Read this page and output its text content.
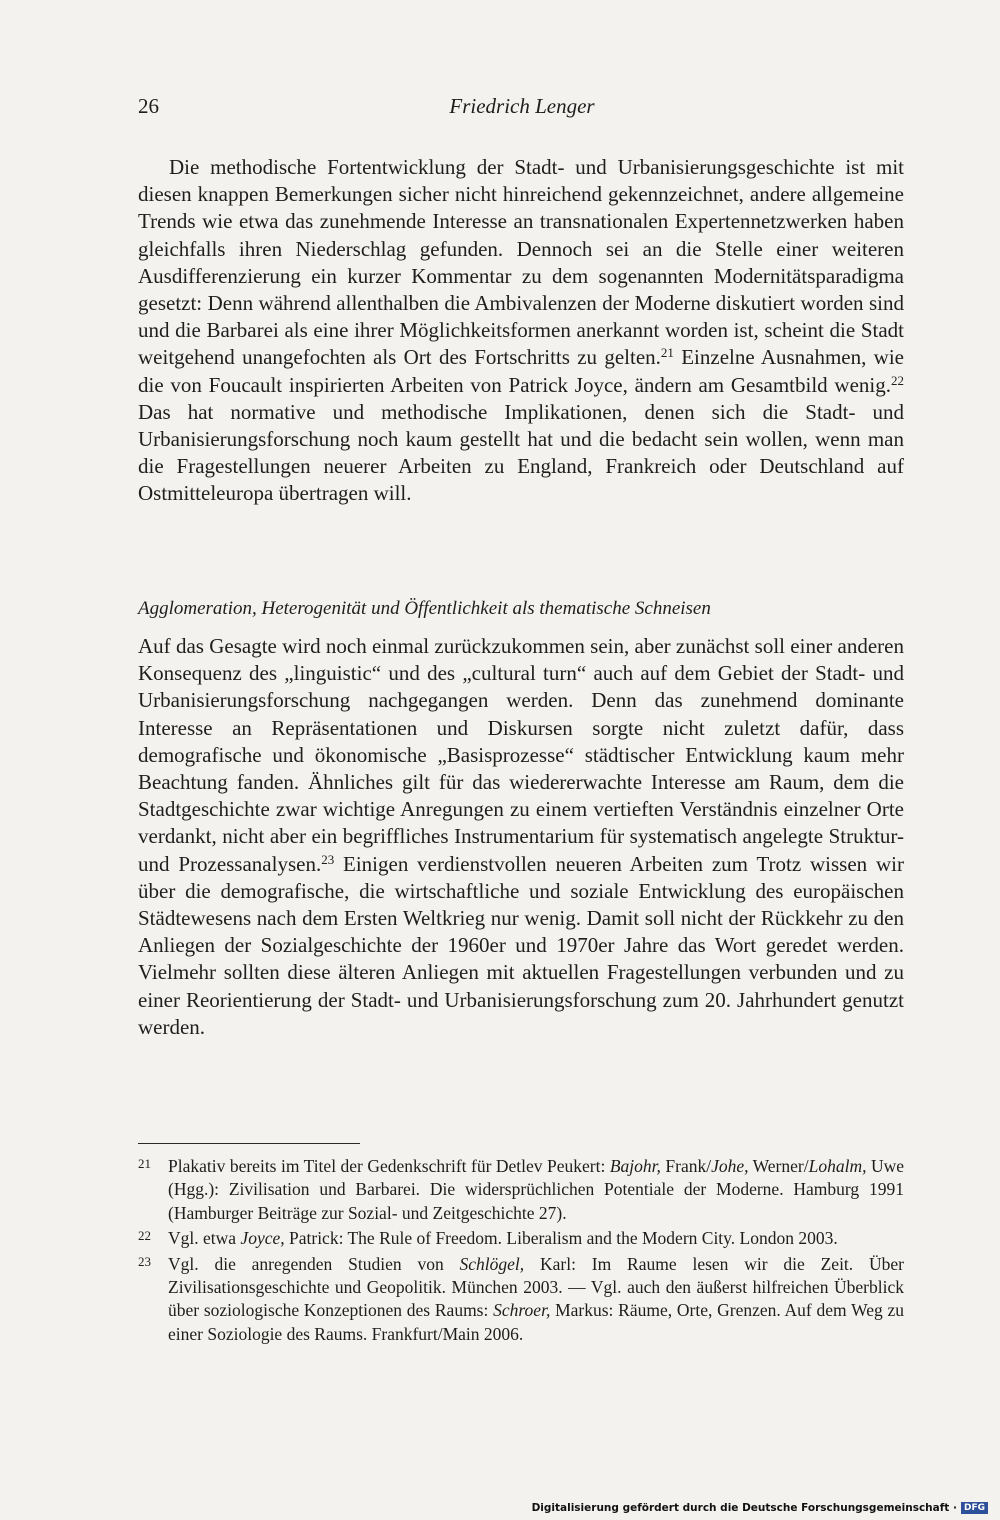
26	Friedrich Lenger

Die methodische Fortentwicklung der Stadt- und Urbanisierungsgeschichte ist mit diesen knappen Bemerkungen sicher nicht hinreichend gekennzeichnet, andere allgemeine Trends wie etwa das zunehmende Interesse an transnationalen Expertennetzwerken haben gleichfalls ihren Niederschlag gefunden. Dennoch sei an die Stelle einer weiteren Ausdifferenzierung ein kurzer Kommentar zu dem sogenannten Modernitätsparadigma gesetzt: Denn während allenthalben die Ambivalenzen der Moderne diskutiert worden sind und die Barbarei als eine ihrer Möglichkeitsformen anerkannt worden ist, scheint die Stadt weitgehend unangefochten als Ort des Fortschritts zu gelten.$^{21}$ Einzelne Ausnahmen, wie die von Foucault inspirierten Arbeiten von Patrick Joyce, ändern am Gesamtbild wenig.$^{22}$ Das hat normative und methodische Implikationen, denen sich die Stadt- und Urbanisierungsforschung noch kaum gestellt hat und die bedacht sein wollen, wenn man die Fragestellungen neuerer Arbeiten zu England, Frankreich oder Deutschland auf Ostmitteleuropa übertragen will.

Agglomeration, Heterogenität und Öffentlichkeit als thematische Schneisen

Auf das Gesagte wird noch einmal zurückzukommen sein, aber zunächst soll einer anderen Konsequenz des „linguistic“ und des „cultural turn“ auch auf dem Gebiet der Stadt- und Urbanisierungsforschung nachgegangen werden. Denn das zunehmend dominante Interesse an Repräsentationen und Diskursen sorgte nicht zuletzt dafür, dass demografische und ökonomische „Basisprozesse“ städtischer Entwicklung kaum mehr Beachtung fanden. Ähnliches gilt für das wiedererwachte Interesse am Raum, dem die Stadtgeschichte zwar wichtige Anregungen zu einem vertieften Verständnis einzelner Orte verdankt, nicht aber ein begriffliches Instrumentarium für systematisch angelegte Struktur- und Prozessanalysen.$^{23}$ Einigen verdienstvollen neueren Arbeiten zum Trotz wissen wir über die demografische, die wirtschaftliche und soziale Entwicklung des europäischen Städtewesens nach dem Ersten Weltkrieg nur wenig. Damit soll nicht der Rückkehr zu den Anliegen der Sozialgeschichte der 1960er und 1970er Jahre das Wort geredet werden. Vielmehr sollten diese älteren Anliegen mit aktuellen Fragestellungen verbunden und zu einer Reorientierung der Stadt- und Urbanisierungsforschung zum 20. Jahrhundert genutzt werden.

21 Plakativ bereits im Titel der Gedenkschrift für Detlev Peukert: Bajohr, Frank/Johe, Werner/Lohalm, Uwe (Hgg.): Zivilisation und Barbarei. Die widersprüchlichen Potentiale der Moderne. Hamburg 1991 (Hamburger Beiträge zur Sozial- und Zeitgeschichte 27).
22 Vgl. etwa Joyce, Patrick: The Rule of Freedom. Liberalism and the Modern City. London 2003.
23 Vgl. die anregenden Studien von Schlögel, Karl: Im Raume lesen wir die Zeit. Über Zivilisationsgeschichte und Geopolitik. München 2003. — Vgl. auch den äußerst hilfreichen Überblick über soziologische Konzeptionen des Raums: Schroer, Markus: Räume, Orte, Grenzen. Auf dem Weg zu einer Soziologie des Raums. Frankfurt/Main 2006.
Digitalisierung gefördert durch die Deutsche Forschungsgemeinschaft · DFG
